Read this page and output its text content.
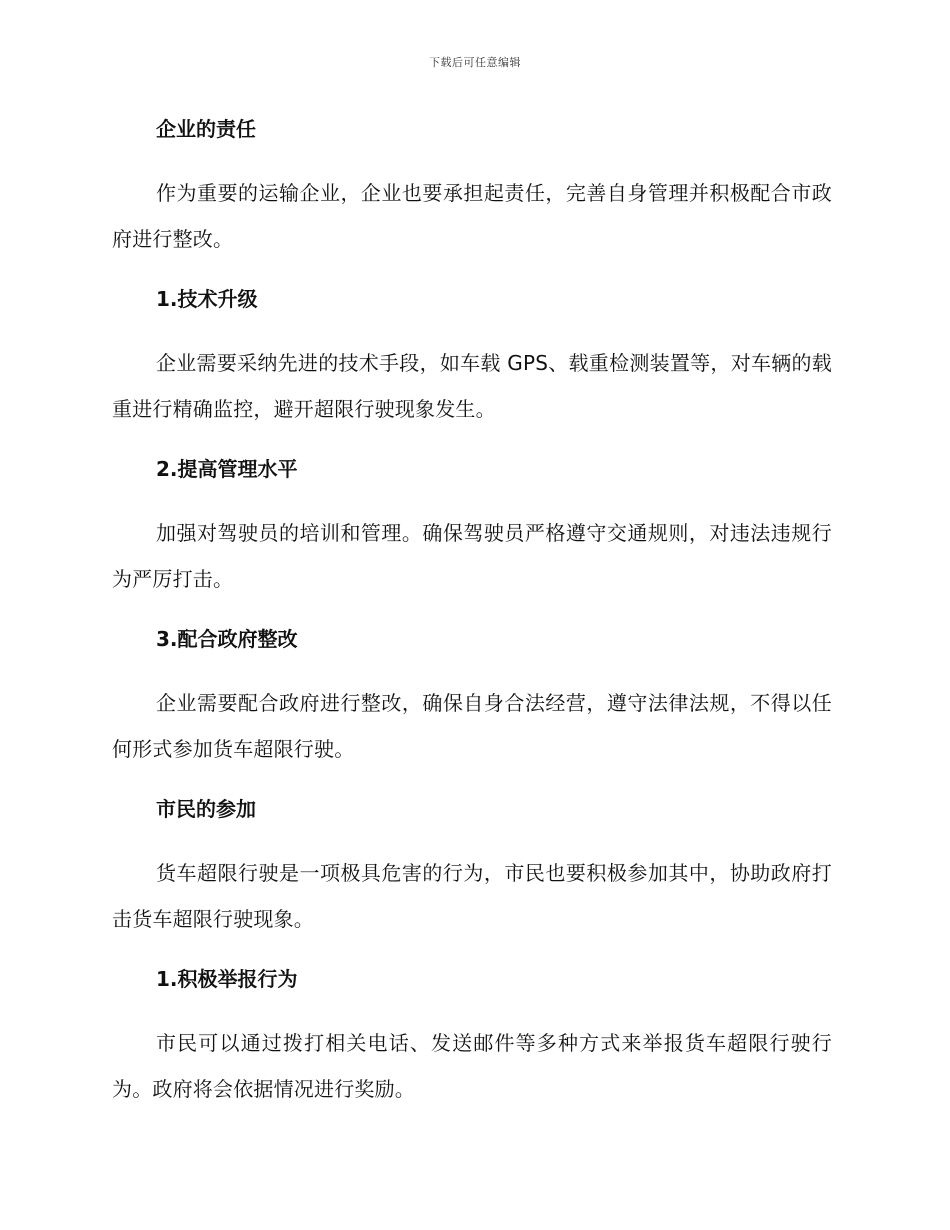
下载后可任意编辑
企业的责任

作为重要的运输企业，企业也要承担起责任，完善自身管理并积极配合市政府进行整改。

1.技术升级

企业需要采纳先进的技术手段，如车载 GPS、载重检测装置等，对车辆的载重进行精确监控，避开超限行驶现象发生。

2.提高管理水平

加强对驾驶员的培训和管理。确保驾驶员严格遵守交通规则，对违法违规行为严厉打击。

3.配合政府整改

企业需要配合政府进行整改，确保自身合法经营，遵守法律法规，不得以任何形式参加货车超限行驶。

市民的参加

货车超限行驶是一项极具危害的行为，市民也要积极参加其中，协助政府打击货车超限行驶现象。

1.积极举报行为

市民可以通过拨打相关电话、发送邮件等多种方式来举报货车超限行驶行为。政府将会依据情况进行奖励。
